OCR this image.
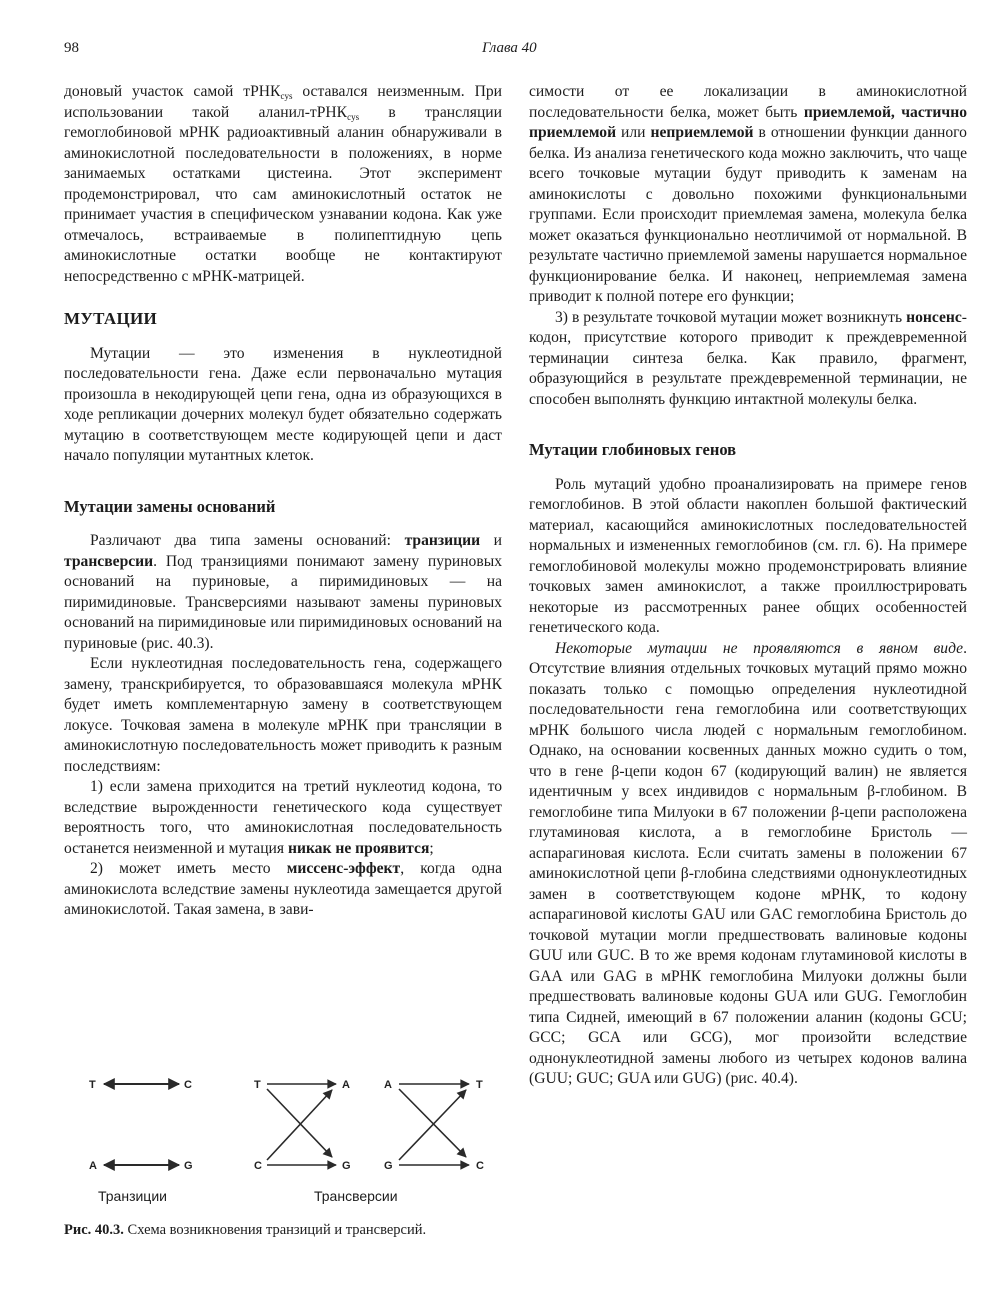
98	Глава 40

доновый участок самой тРНК$_{cys}$ оставался неизменным. При использовании такой аланил-тРНК$_{cys}$ в трансляции гемоглобиновой мРНК радиоактивный аланин обнаруживали в аминокислотной последовательности в положениях, в норме занимаемых остатками цистеина. Этот эксперимент продемонстрировал, что сам аминокислотный остаток не принимает участия в специфическом узнавании кодона. Как уже отмечалось, встраиваемые в полипептидную цепь аминокислотные остатки вообще не контактируют непосредственно с мРНК-матрицей.

МУТАЦИИ

Мутации — это изменения в нуклеотидной последовательности гена. Даже если первоначально мутация произошла в некодирующей цепи гена, одна из образующихся в ходе репликации дочерних молекул будет обязательно содержать мутацию в соответствующем месте кодирующей цепи и даст начало популяции мутантных клеток.

Мутации замены оснований

Различают два типа замены оснований: транзиции и трансверсии. Под транзициями понимают замену пуриновых оснований на пуриновые, а пиримидиновых — на пиримидиновые. Трансверсиями называют замены пуриновых оснований на пиримидиновые или пиримидиновых оснований на пуриновые (рис. 40.3).

Если нуклеотидная последовательность гена, содержащего замену, транскрибируется, то образовавшаяся молекула мРНК будет иметь комплементарную замену в соответствующем локусе. Точковая замена в молекуле мРНК при трансляции в аминокислотную последовательность может приводить к разным последствиям:

1) если замена приходится на третий нуклеотид кодона, то вследствие вырожденности генетического кода существует вероятность того, что аминокислотная последовательность останется неизменной и мутация никак не проявится;

2) может иметь место миссенс-эффект, когда одна аминокислота вследствие замены нуклеотида замещается другой аминокислотой. Такая замена, в зави-

симости от ее локализации в аминокислотной последовательности белка, может быть приемлемой, частично приемлемой или неприемлемой в отношении функции данного белка. Из анализа генетического кода можно заключить, что чаще всего точковые мутации будут приводить к заменам на аминокислоты с довольно похожими функциональными группами. Если происходит приемлемая замена, молекула белка может оказаться функционально неотличимой от нормальной. В результате частично приемлемой замены нарушается нормальное функционирование белка. И наконец, неприемлемая замена приводит к полной потере его функции;

3) в результате точковой мутации может возникнуть нонсенс-кодон, присутствие которого приводит к преждевременной терминации синтеза белка. Как правило, фрагмент, образующийся в результате преждевременной терминации, не способен выполнять функцию интактной молекулы белка.

Мутации глобиновых генов

Роль мутаций удобно проанализировать на примере генов гемоглобинов. В этой области накоплен большой фактический материал, касающийся аминокислотных последовательностей нормальных и измененных гемоглобинов (см. гл. 6). На примере гемоглобиновой молекулы можно продемонстрировать влияние точковых замен аминокислот, а также проиллюстрировать некоторые из рассмотренных ранее общих особенностей генетического кода.

Некоторые мутации не проявляются в явном виде. Отсутствие влияния отдельных точковых мутаций прямо можно показать только с помощью определения нуклеотидной последовательности гена гемоглобина или соответствующих мРНК большого числа людей с нормальным гемоглобином. Однако, на основании косвенных данных можно судить о том, что в гене β-цепи кодон 67 (кодирующий валин) не является идентичным у всех индивидов с нормальным β-глобином. В гемоглобине типа Милуоки в 67 положении β-цепи расположена глутаминовая кислота, а в гемоглобине Бристоль — аспарагиновая кислота. Если считать замены в положении 67 аминокислотной цепи β-глобина следствиями однонуклеотидных замен в соответствующем кодоне мРНК, то кодону аспарагиновой кислоты GAU или GAC гемоглобина Бристоль до точковой мутации могли предшествовать валиновые кодоны GUU или GUC. В то же время кодонам глутаминовой кислоты в GAA или GAG в мРНК гемоглобина Милуоки должны были предшествовать валиновые кодоны GUA или GUG. Гемоглобин типа Сидней, имеющий в 67 положении аланин (кодоны GCU; GCC; GCA или GCG), мог произойти вследствие однонуклеотидной замены любого из четырех кодонов валина (GUU; GUC; GUA или GUG) (рис. 40.4).

T	C
A	G
T	A
C	G
A	T
G	C
Транзиции	Трансверсии
Рис. 40.3. Схема возникновения транзиций и трансверсий.
